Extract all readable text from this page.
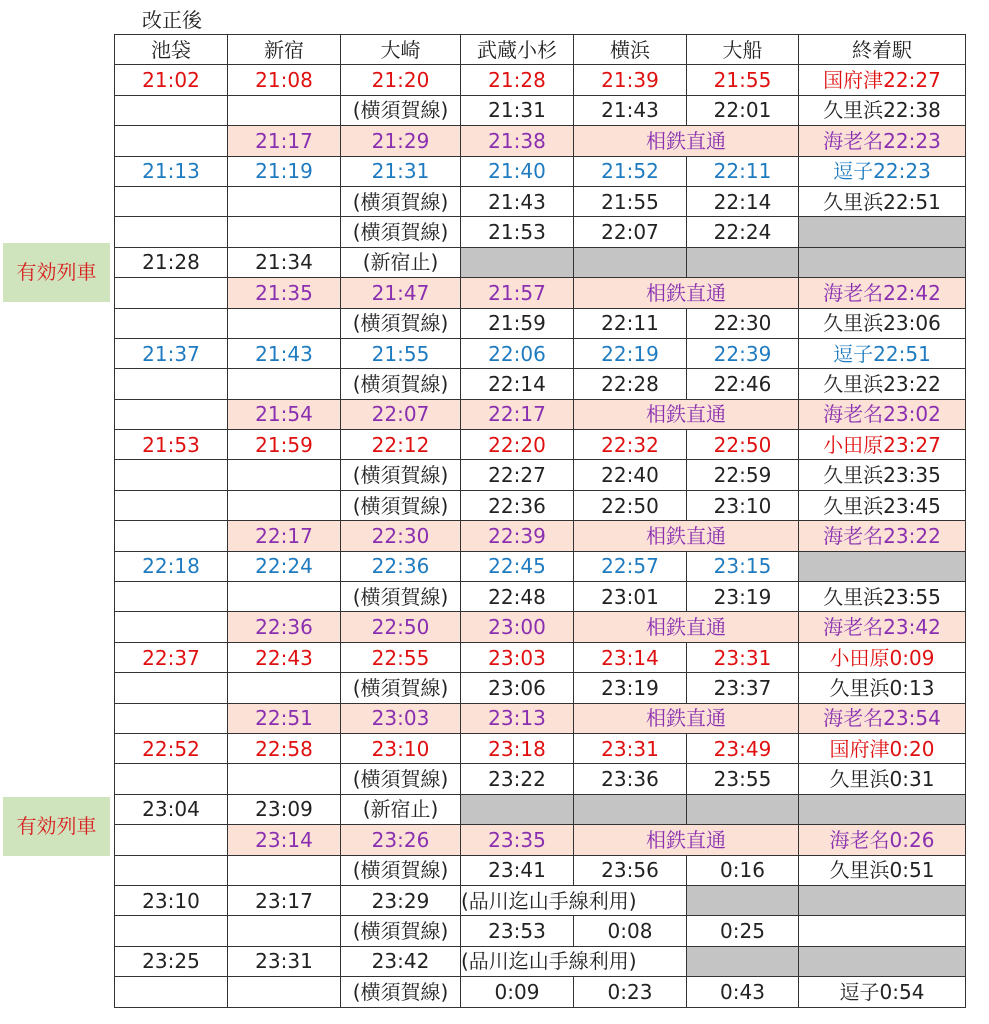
改正後
有効列車
有効列車
池袋	新宿	大崎	武蔵小杉	横浜	大船	終着駅
21:02	21:08	21:20	21:28	21:39	21:55	国府津22:27
		(横須賀線)	21:31	21:43	22:01	久里浜22:38
	21:17	21:29	21:38	相鉄直通		海老名22:23
21:13	21:19	21:31	21:40	21:52	22:11	逗子22:23
		(横須賀線)	21:43	21:55	22:14	久里浜22:51
		(横須賀線)	21:53	22:07	22:24	
21:28	21:34	(新宿止)				
	21:35	21:47	21:57	相鉄直通		海老名22:42
		(横須賀線)	21:59	22:11	22:30	久里浜23:06
21:37	21:43	21:55	22:06	22:19	22:39	逗子22:51
		(横須賀線)	22:14	22:28	22:46	久里浜23:22
	21:54	22:07	22:17	相鉄直通		海老名23:02
21:53	21:59	22:12	22:20	22:32	22:50	小田原23:27
		(横須賀線)	22:27	22:40	22:59	久里浜23:35
		(横須賀線)	22:36	22:50	23:10	久里浜23:45
	22:17	22:30	22:39	相鉄直通		海老名23:22
22:18	22:24	22:36	22:45	22:57	23:15	
		(横須賀線)	22:48	23:01	23:19	久里浜23:55
	22:36	22:50	23:00	相鉄直通		海老名23:42
22:37	22:43	22:55	23:03	23:14	23:31	小田原0:09
		(横須賀線)	23:06	23:19	23:37	久里浜0:13
	22:51	23:03	23:13	相鉄直通		海老名23:54
22:52	22:58	23:10	23:18	23:31	23:49	国府津0:20
		(横須賀線)	23:22	23:36	23:55	久里浜0:31
23:04	23:09	(新宿止)				
	23:14	23:26	23:35	相鉄直通		海老名0:26
		(横須賀線)	23:41	23:56	0:16	久里浜0:51
23:10	23:17	23:29	(品川迄山手線利用)			
		(横須賀線)	23:53	0:08	0:25	
23:25	23:31	23:42	(品川迄山手線利用)			
		(横須賀線)	0:09	0:23	0:43	逗子0:54
